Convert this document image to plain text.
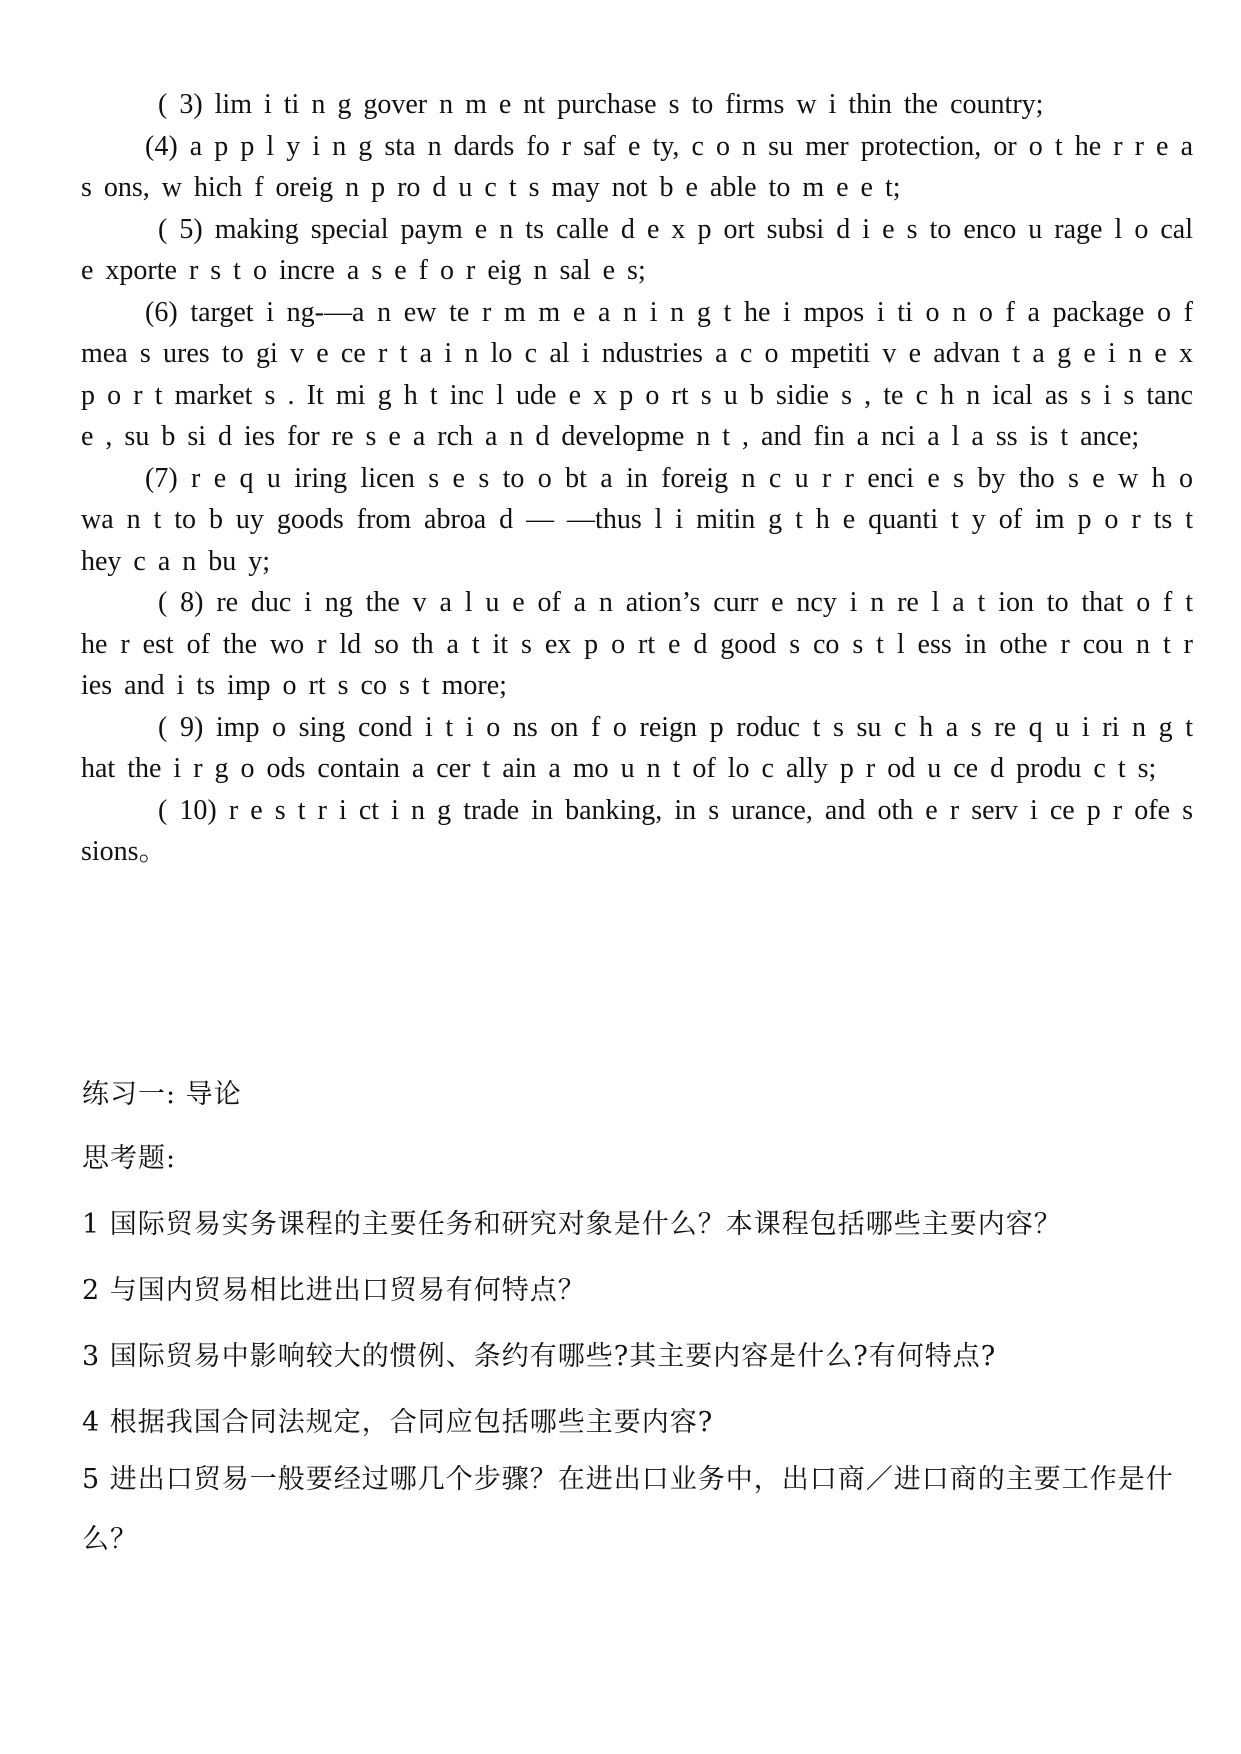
( 3) lim i ti n g gover n m e nt purchase s to firms w i thin the country;

(4) a p p l y i n g sta n dards fo r saf e ty, c o n su mer protection, or o t he r r e a s ons, w hich f oreig n p ro d u c t s may not b e able to m e e t;

( 5) making special paym e n ts calle d e x p ort subsi d i e s to enco u rage l o cal e xporte r s t o incre a s e f o r eig n sal e s;

(6) target i ng-—a n ew te r m m e a n i n g t he i mpos i ti o n o f a package o f mea s ures to gi v e ce r t a i n lo c al i ndustries a c o mpetiti v e advan t a g e i n e x p o r t market s . It mi g h t inc l ude e x p o rt s u b sidie s , te c h n ical as s i s tanc e , su b si d ies for re s e a rch a n d developme n t , and fin a nci a l a ss is t ance;

(7) r e q u iring licen s e s to o bt a in foreig n c u r r enci e s by tho s e w h o wa n t to b uy goods from abroa d — —thus l i mitin g t h e quanti t y of im p o r ts t hey c a n bu y;

( 8) re duc i ng the v a l u e of a n ation’s curr e ncy i n re l a t ion to that o f t he r est of the wo r ld so th a t it s ex p o rt e d good s co s t l ess in othe r cou n t r ies and i ts imp o rt s co s t more;

( 9) imp o sing cond i t i o ns on f o reign p roduc t s su c h a s re q u i ri n g t hat the i r g o ods contain a cer t ain a mo u n t of lo c ally p r od u ce d produ c t s;

( 10) r e s t r i ct i n g trade in banking, in s urance, and oth e r serv i ce p r ofe s sions。

练习一: 导论
思考题:
1 国际贸易实务课程的主要任务和研究对象是什么？本课程包括哪些主要内容？
2 与国内贸易相比进出口贸易有何特点？
3 国际贸易中影响较大的惯例、条约有哪些?其主要内容是什么?有何特点?
4 根据我国合同法规定，合同应包括哪些主要内容?
5 进出口贸易一般要经过哪几个步骤？在进出口业务中，出口商／进口商的主要工作是什么？
